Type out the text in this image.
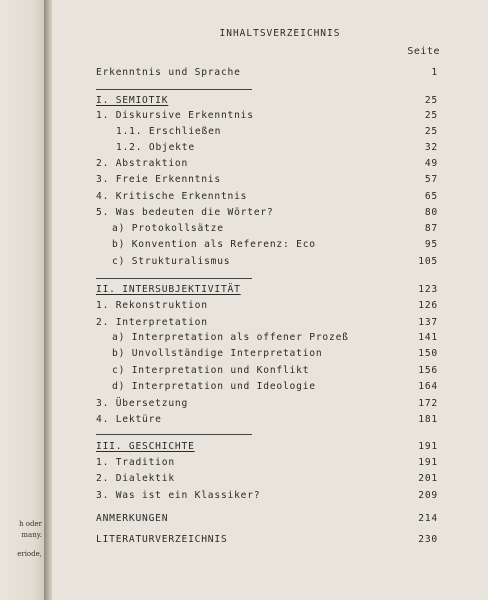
h oder
many.
eriode,
INHALTSVERZEICHNIS
Seite
Erkenntnis und Sprache	1
I. SEMIOTIK	25
1. Diskursive Erkenntnis	25
1.1. Erschließen	25
1.2. Objekte	32
2. Abstraktion	49
3. Freie Erkenntnis	57
4. Kritische Erkenntnis	65
5. Was bedeuten die Wörter?	80
a) Protokollsätze	87
b) Konvention als Referenz: Eco	95
c) Strukturalismus	105
II. INTERSUBJEKTIVITÄT	123
1. Rekonstruktion	126
2. Interpretation	137
a) Interpretation als offener Prozeß	141
b) Unvollständige Interpretation	150
c) Interpretation und Konflikt	156
d) Interpretation und Ideologie	164
3. Übersetzung	172
4. Lektüre	181
III. GESCHICHTE	191
1. Tradition	191
2. Dialektik	201
3. Was ist ein Klassiker?	209
ANMERKUNGEN	214
LITERATURVERZEICHNIS	230
